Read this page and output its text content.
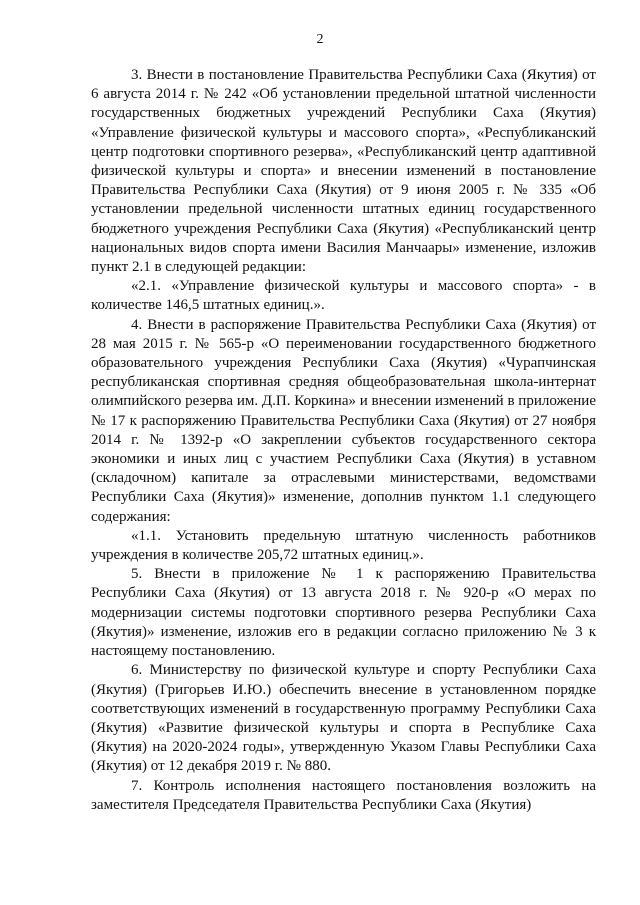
2

3. Внести в постановление Правительства Республики Саха (Якутия) от 6 августа 2014 г. № 242 «Об установлении предельной штатной численности государственных бюджетных учреждений Республики Саха (Якутия) «Управление физической культуры и массового спорта», «Республиканский центр подготовки спортивного резерва», «Республиканский центр адаптивной физической культуры и спорта» и внесении изменений в постановление Правительства Республики Саха (Якутия) от 9 июня 2005 г. № 335 «Об установлении предельной численности штатных единиц государственного бюджетного учреждения Республики Саха (Якутия) «Республиканский центр национальных видов спорта имени Василия Манчаары» изменение, изложив пункт 2.1 в следующей редакции:

«2.1. «Управление физической культуры и массового спорта» - в количестве 146,5 штатных единиц.».

4. Внести в распоряжение Правительства Республики Саха (Якутия) от 28 мая 2015 г. № 565-р «О переименовании государственного бюджетного образовательного учреждения Республики Саха (Якутия) «Чурапчинская республиканская спортивная средняя общеобразовательная школа-интернат олимпийского резерва им. Д.П. Коркина» и внесении изменений в приложение № 17 к распоряжению Правительства Республики Саха (Якутия) от 27 ноября 2014 г. № 1392-р «О закреплении субъектов государственного сектора экономики и иных лиц с участием Республики Саха (Якутия) в уставном (складочном) капитале за отраслевыми министерствами, ведомствами Республики Саха (Якутия)» изменение, дополнив пунктом 1.1 следующего содержания:

«1.1. Установить предельную штатную численность работников учреждения в количестве 205,72 штатных единиц.».

5. Внести в приложение № 1 к распоряжению Правительства Республики Саха (Якутия) от 13 августа 2018 г. № 920-р «О мерах по модернизации системы подготовки спортивного резерва Республики Саха (Якутия)» изменение, изложив его в редакции согласно приложению № 3 к настоящему постановлению.

6. Министерству по физической культуре и спорту Республики Саха (Якутия) (Григорьев И.Ю.) обеспечить внесение в установленном порядке соответствующих изменений в государственную программу Республики Саха (Якутия) «Развитие физической культуры и спорта в Республике Саха (Якутия) на 2020-2024 годы», утвержденную Указом Главы Республики Саха (Якутия) от 12 декабря 2019 г. № 880.

7. Контроль исполнения настоящего постановления возложить на заместителя Председателя Правительства Республики Саха (Якутия)
